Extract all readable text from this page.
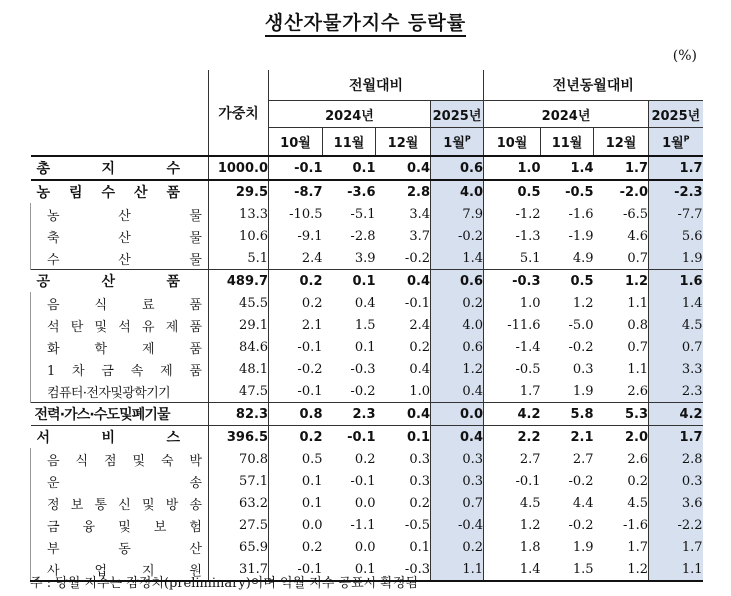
생산자물가지수 등락률
(%)
	가중치	전월대비				전년동월대비			
		2024년			2025년	2024년			2025년
		10월	11월	12월	1월$^P$	10월	11월	12월	1월$^P$
총 지 수	1000.0	-0.1	0.1	0.4	0.6	1.0	1.4	1.7	1.7
농 림 수 산 품	29.5	-8.7	-3.6	2.8	4.0	0.5	-0.5	-2.0	-2.3
농 산 물	13.3	-10.5	-5.1	3.4	7.9	-1.2	-1.6	-6.5	-7.7
축 산 물	10.6	-9.1	-2.8	3.7	-0.2	-1.3	-1.9	4.6	5.6
수 산 물	5.1	2.4	3.9	-0.2	1.4	5.1	4.9	0.7	1.9
공 산 품	489.7	0.2	0.1	0.4	0.6	-0.3	0.5	1.2	1.6
음 식 료 품	45.5	0.2	0.4	-0.1	0.2	1.0	1.2	1.1	1.4
석 탄 및 석 유 제 품	29.1	2.1	1.5	2.4	4.0	-11.6	-5.0	0.8	4.5
화 학 제 품	84.6	-0.1	0.1	0.2	0.6	-1.4	-0.2	0.7	0.7
1 차 금 속 제 품	48.1	-0.2	-0.3	0.4	1.2	-0.5	0.3	1.1	3.3
컴퓨터·전자및광학기기	47.5	-0.1	-0.2	1.0	0.4	1.7	1.9	2.6	2.3
전력·가스·수도및폐기물	82.3	0.8	2.3	0.4	0.0	4.2	5.8	5.3	4.2
서 비 스	396.5	0.2	-0.1	0.1	0.4	2.2	2.1	2.0	1.7
음 식 점 및 숙 박	70.8	0.5	0.2	0.3	0.3	2.7	2.7	2.6	2.8
운 송	57.1	0.1	-0.1	0.3	0.3	-0.1	-0.2	0.2	0.3
정 보 통 신 및 방 송	63.2	0.1	0.0	0.2	0.7	4.5	4.4	4.5	3.6
금 융 및 보 험	27.5	0.0	-1.1	-0.5	-0.4	1.2	-0.2	-1.6	-2.2
부 동 산	65.9	0.2	0.0	0.1	0.2	1.8	1.9	1.7	1.7
사 업 지 원	31.7	-0.1	0.1	-0.3	1.1	1.4	1.5	1.2	1.1
주 : 당월 지수는 잠정치(preliminary)이며 익월 지수 공표시 확정됨
